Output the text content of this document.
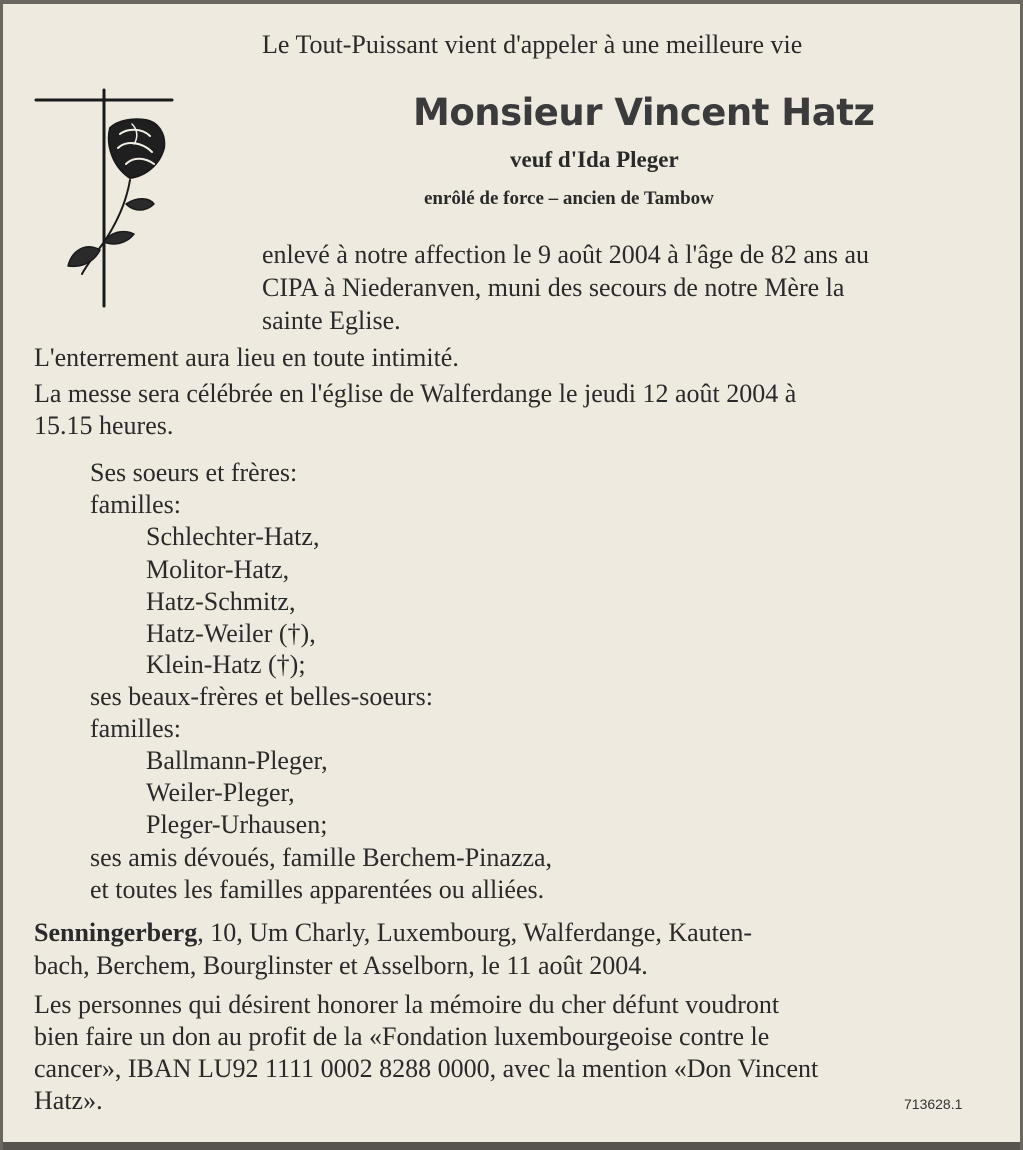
Le Tout-Puissant vient d'appeler à une meilleure vie
Monsieur Vincent Hatz
veuf d'Ida Pleger
enrôlé de force – ancien de Tambow
enlevé à notre affection le 9 août 2004 à l'âge de 82 ans au
CIPA à Niederanven, muni des secours de notre Mère la
sainte Eglise.
L'enterrement aura lieu en toute intimité.
La messe sera célébrée en l'église de Walferdange le jeudi 12 août 2004 à
15.15 heures.
Ses soeurs et frères:
familles:
Schlechter-Hatz,
Molitor-Hatz,
Hatz-Schmitz,
Hatz-Weiler (†),
Klein-Hatz (†);
ses beaux-frères et belles-soeurs:
familles:
Ballmann-Pleger,
Weiler-Pleger,
Pleger-Urhausen;
ses amis dévoués, famille Berchem-Pinazza,
et toutes les familles apparentées ou alliées.
Senningerberg, 10, Um Charly, Luxembourg, Walferdange, Kauten-
bach, Berchem, Bourglinster et Asselborn, le 11 août 2004.
Les personnes qui désirent honorer la mémoire du cher défunt voudront
bien faire un don au profit de la «Fondation luxembourgeoise contre le
cancer», IBAN LU92 1111 0002 8288 0000, avec la mention «Don Vincent
Hatz».	713628.1
